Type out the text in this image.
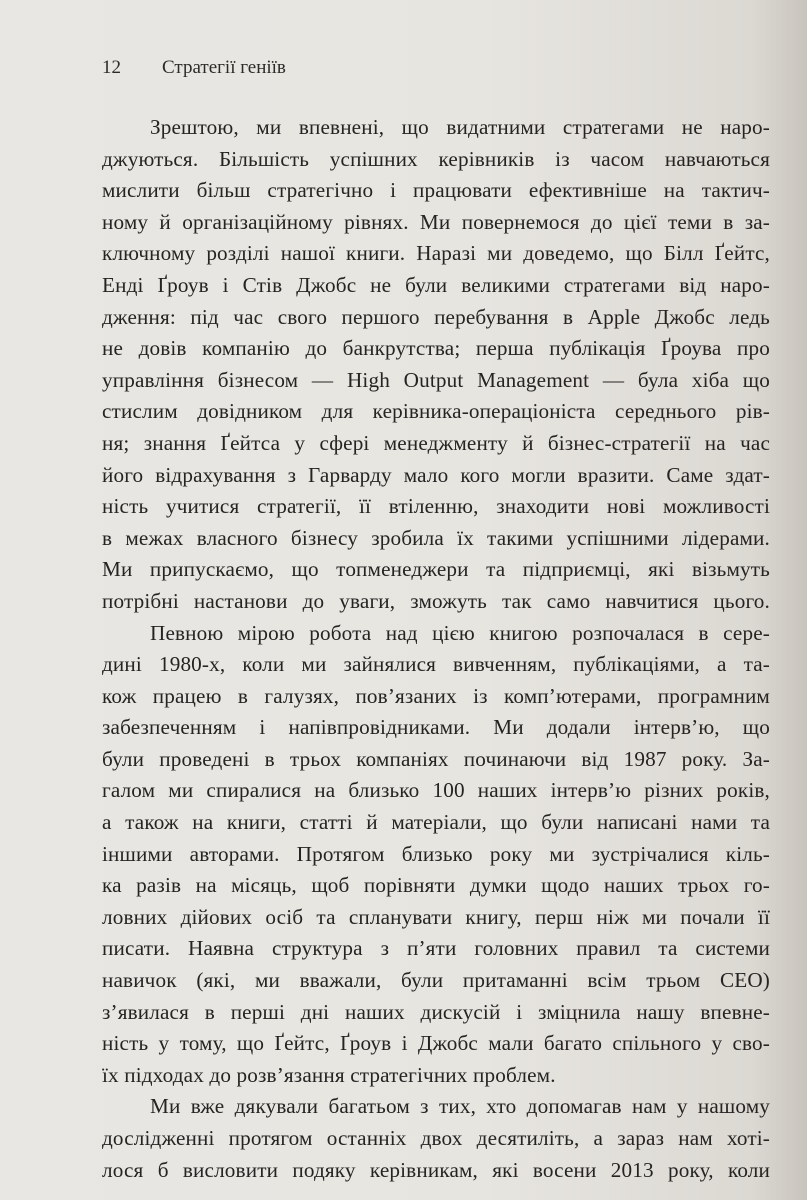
12 Стратегії геніїв
Зрештою, ми впевнені, що видатними стратегами не наро-
джуються. Більшість успішних керівників із часом навчаються
мислити більш стратегічно і працювати ефективніше на тактич-
ному й організаційному рівнях. Ми повернемося до цієї теми в за-
ключному розділі нашої книги. Наразі ми доведемо, що Білл Ґейтс,
Енді Ґроув і Стів Джобс не були великими стратегами від наро-
дження: під час свого першого перебування в Apple Джобс ледь
не довів компанію до банкрутства; перша публікація Ґроува про
управління бізнесом — High Output Management — була хіба що
стислим довідником для керівника-операціоніста середнього рів-
ня; знання Ґейтса у сфері менеджменту й бізнес-стратегії на час
його відрахування з Гарварду мало кого могли вразити. Саме здат-
ність учитися стратегії, її втіленню, знаходити нові можливості
в межах власного бізнесу зробила їх такими успішними лідерами.
Ми припускаємо, що топменеджери та підприємці, які візьмуть
потрібні настанови до уваги, зможуть так само навчитися цього.
Певною мірою робота над цією книгою розпочалася в сере-
дині 1980-х, коли ми зайнялися вивченням, публікаціями, а та-
кож працею в галузях, пов’язаних із комп’ютерами, програмним
забезпеченням і напівпровідниками. Ми додали інтерв’ю, що
були проведені в трьох компаніях починаючи від 1987 року. За-
галом ми спиралися на близько 100 наших інтерв’ю різних років,
а також на книги, статті й матеріали, що були написані нами та
іншими авторами. Протягом близько року ми зустрічалися кіль-
ка разів на місяць, щоб порівняти думки щодо наших трьох го-
ловних дійових осіб та спланувати книгу, перш ніж ми почали її
писати. Наявна структура з п’яти головних правил та системи
навичок (які, ми вважали, були притаманні всім трьом CEO)
з’явилася в перші дні наших дискусій і зміцнила нашу впевне-
ність у тому, що Ґейтс, Ґроув і Джобс мали багато спільного у сво-
їх підходах до розв’язання стратегічних проблем.
Ми вже дякували багатьом з тих, хто допомагав нам у нашому
дослідженні протягом останніх двох десятиліть, а зараз нам хоті-
лося б висловити подяку керівникам, які восени 2013 року, коли
